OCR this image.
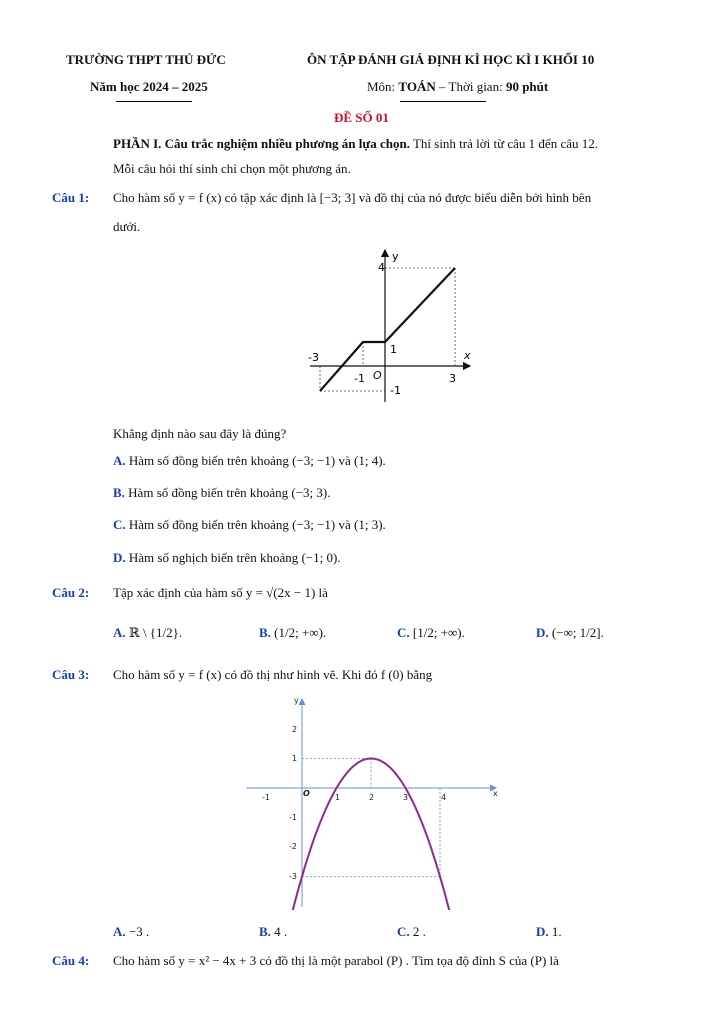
TRƯỜNG THPT THỦ ĐỨC	ÔN TẬP ĐÁNH GIÁ ĐỊNH KÌ HỌC KÌ I KHỐI 10
Năm học 2024 – 2025	Môn: TOÁN – Thời gian: 90 phút
ĐỀ SỐ 01
PHẦN I. Câu trắc nghiệm nhiều phương án lựa chọn. Thí sinh trả lời từ câu 1 đến câu 12.
Mỗi câu hỏi thí sinh chỉ chọn một phương án.
Câu 1: Cho hàm số y = f (x) có tập xác định là [−3; 3] và đồ thị của nó được biểu diễn bởi hình bên
dưới.
4
y
1
-3	x
-1 O	3
-1
Khẳng định nào sau đây là đúng?
A. Hàm số đồng biến trên khoảng (−3; −1) và (1; 4).
B. Hàm số đồng biến trên khoảng (−3; 3).
C. Hàm số đồng biến trên khoảng (−3; −1) và (1; 3).
D. Hàm số nghịch biến trên khoảng (−1; 0).
Câu 2: Tập xác định của hàm số y = √(2x − 1) là
A. ℝ \ {1/2}.	B. (1/2; +∞).	C. [1/2; +∞).	D. (−∞; 1/2].
Câu 3: Cho hàm số y = f (x) có đồ thị như hình vẽ. Khi đó f (0) bằng
y
x
2
1
-1
-2
-3
-1	1	2	3	4
O
A. −3 .	B. 4 .	C. 2 .	D. 1.
Câu 4: Cho hàm số y = x² − 4x + 3 có đồ thị là một parabol (P) . Tìm tọa độ đỉnh S của (P) là
